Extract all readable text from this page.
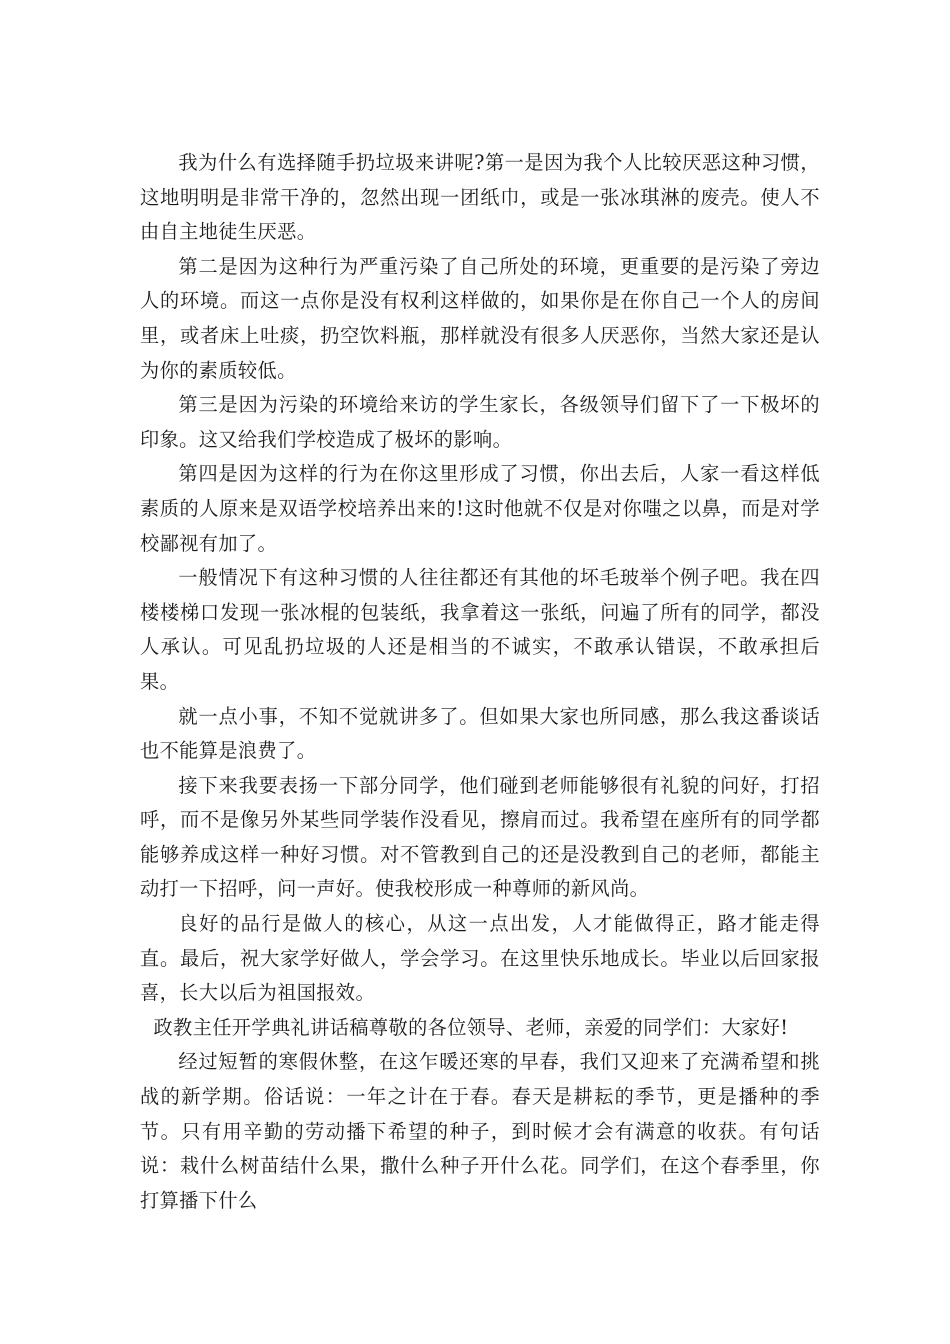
我为什么有选择随手扔垃圾来讲呢?第一是因为我个人比较厌恶这种习惯，这地明明是非常干净的，忽然出现一团纸巾，或是一张冰琪淋的废壳。使人不由自主地徒生厌恶。

第二是因为这种行为严重污染了自己所处的环境，更重要的是污染了旁边人的环境。而这一点你是没有权利这样做的，如果你是在你自己一个人的房间里，或者床上吐痰，扔空饮料瓶，那样就没有很多人厌恶你，当然大家还是认为你的素质较低。

第三是因为污染的环境给来访的学生家长，各级领导们留下了一下极坏的印象。这又给我们学校造成了极坏的影响。

第四是因为这样的行为在你这里形成了习惯，你出去后，人家一看这样低素质的人原来是双语学校培养出来的!这时他就不仅是对你嗤之以鼻，而是对学校鄙视有加了。

一般情况下有这种习惯的人往往都还有其他的坏毛玻举个例子吧。我在四楼楼梯口发现一张冰棍的包装纸，我拿着这一张纸，问遍了所有的同学，都没人承认。可见乱扔垃圾的人还是相当的不诚实，不敢承认错误，不敢承担后果。

就一点小事，不知不觉就讲多了。但如果大家也所同感，那么我这番谈话也不能算是浪费了。

接下来我要表扬一下部分同学，他们碰到老师能够很有礼貌的问好，打招呼，而不是像另外某些同学装作没看见，擦肩而过。我希望在座所有的同学都能够养成这样一种好习惯。对不管教到自己的还是没教到自己的老师，都能主动打一下招呼，问一声好。使我校形成一种尊师的新风尚。

良好的品行是做人的核心，从这一点出发，人才能做得正，路才能走得直。最后，祝大家学好做人，学会学习。在这里快乐地成长。毕业以后回家报喜，长大以后为祖国报效。

政教主任开学典礼讲话稿尊敬的各位领导、老师，亲爱的同学们：大家好!

经过短暂的寒假休整，在这乍暖还寒的早春，我们又迎来了充满希望和挑战的新学期。俗话说：一年之计在于春。春天是耕耘的季节，更是播种的季节。只有用辛勤的劳动播下希望的种子，到时候才会有满意的收获。有句话说：栽什么树苗结什么果，撒什么种子开什么花。同学们，在这个春季里，你打算播下什么
